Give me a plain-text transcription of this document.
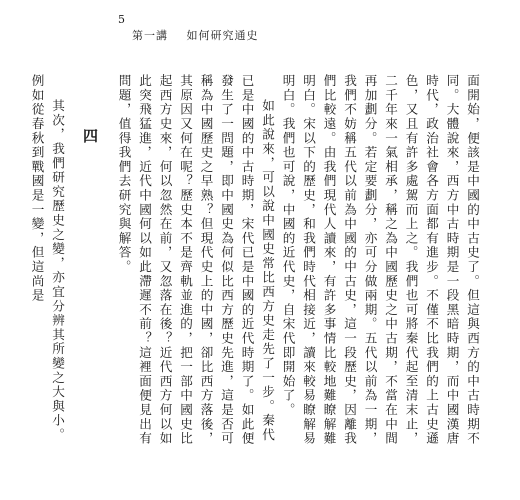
5
第一講 如何研究通史

面開始，便該是中國的中古史了。但這與西方的中古時期不同。大體說來，西方中古時期是一段黑暗時期，而中國漢唐時代，政治社會各方面都有進步。不僅不比我們的上古史遜色，又且有許多處駕而上之。我們也可將秦代起至清末止，二千年來一氣相承，稱之為中國歷史之中古期，不當在中間再加劃分。若定要劃分，亦可分做兩期。五代以前為一期，我們不妨稱五代以前為中國的中古史，這一段歷史，因離我們比較遠。由我們現代人讀來，有許多事情比較地難瞭解難明白。宋以下的歷史，和我們時代相接近，讀來較易瞭解易明白。我們也可說，中國的近代史，自宋代即開始了。

如此說來，可以說中國史常比西方史走先了一步。秦代已是中國的中古時期，宋代已是中國的近代時期了。如此便發生了一問題，即中國史為何似比西方歷史先進，這是否可稱為中國歷史之早熟？但現代史上的中國，卻比西方落後，其原因又何在呢？歷史本不是齊軌並進的，把一部中國史比起西方史來，何以忽然在前，又忽落在後？近代西方何以如此突飛猛進，近代中國何以如此滯遲不前？這裡面便見出有問題，值得我們去研究與解答。

四

其次，我們研究歷史之變，亦宜分辨其所變之大與小。例如從春秋到戰國是一變，但這尚是
